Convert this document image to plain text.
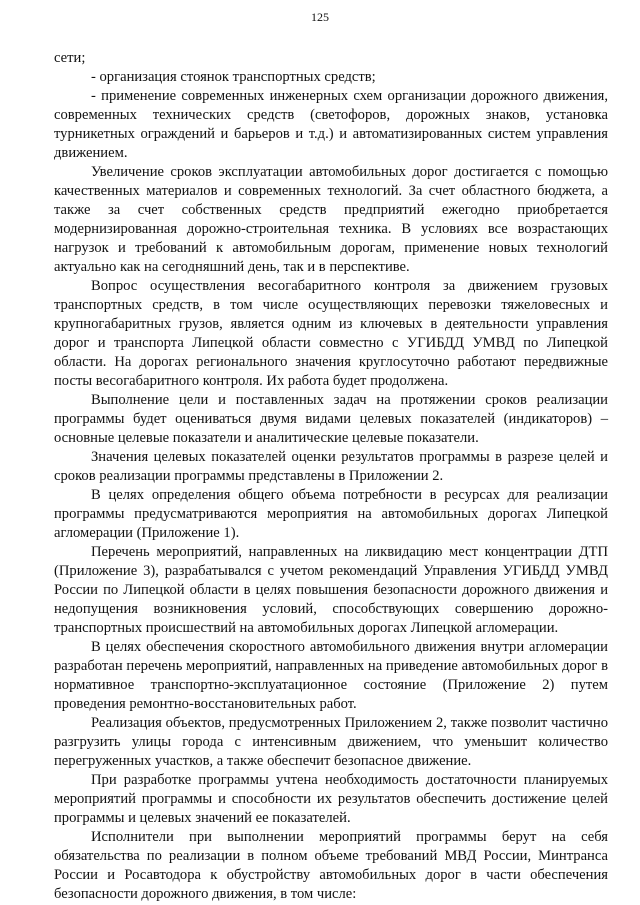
125

сети;

- организация стоянок транспортных средств;

- применение современных инженерных схем организации дорожного движения, современных технических средств (светофоров, дорожных знаков, установка турникетных ограждений и барьеров и т.д.) и автоматизированных систем управления движением.

Увеличение сроков эксплуатации автомобильных дорог достигается с помощью качественных материалов и современных технологий. За счет областного бюджета, а также за счет собственных средств предприятий ежегодно приобретается модернизированная дорожно-строительная техника. В условиях все возрастающих нагрузок и требований к автомобильным дорогам, применение новых технологий актуально как на сегодняшний день, так и в перспективе.

Вопрос осуществления весогабаритного контроля за движением грузовых транспортных средств, в том числе осуществляющих перевозки тяжеловесных и крупногабаритных грузов, является одним из ключевых в деятельности управления дорог и транспорта Липецкой области совместно с УГИБДД УМВД по Липецкой области. На дорогах регионального значения круглосуточно работают передвижные посты весогабаритного контроля. Их работа будет продолжена.

Выполнение цели и поставленных задач на протяжении сроков реализации программы будет оцениваться двумя видами целевых показателей (индикаторов) – основные целевые показатели и аналитические целевые показатели.

Значения целевых показателей оценки результатов программы в разрезе целей и сроков реализации программы представлены в Приложении 2.

В целях определения общего объема потребности в ресурсах для реализации программы предусматриваются мероприятия на автомобильных дорогах Липецкой агломерации (Приложение 1).

Перечень мероприятий, направленных на ликвидацию мест концентрации ДТП (Приложение 3), разрабатывался с учетом рекомендаций Управления УГИБДД УМВД России по Липецкой области в целях повышения безопасности дорожного движения и недопущения возникновения условий, способствующих совершению дорожно-транспортных происшествий на автомобильных дорогах Липецкой агломерации.

В целях обеспечения скоростного автомобильного движения внутри агломерации разработан перечень мероприятий, направленных на приведение автомобильных дорог в нормативное транспортно-эксплуатационное состояние (Приложение 2) путем проведения ремонтно-восстановительных работ.

Реализация объектов, предусмотренных Приложением 2, также позволит частично разгрузить улицы города с интенсивным движением, что уменьшит количество перегруженных участков, а также обеспечит безопасное движение.

При разработке программы учтена необходимость достаточности планируемых мероприятий программы и способности их результатов обеспечить достижение целей программы и целевых значений ее показателей.

Исполнители при выполнении мероприятий программы берут на себя обязательства по реализации в полном объеме требований МВД России, Минтранса России и Росавтодора к обустройству автомобильных дорог в части обеспечения безопасности дорожного движения, в том числе:
